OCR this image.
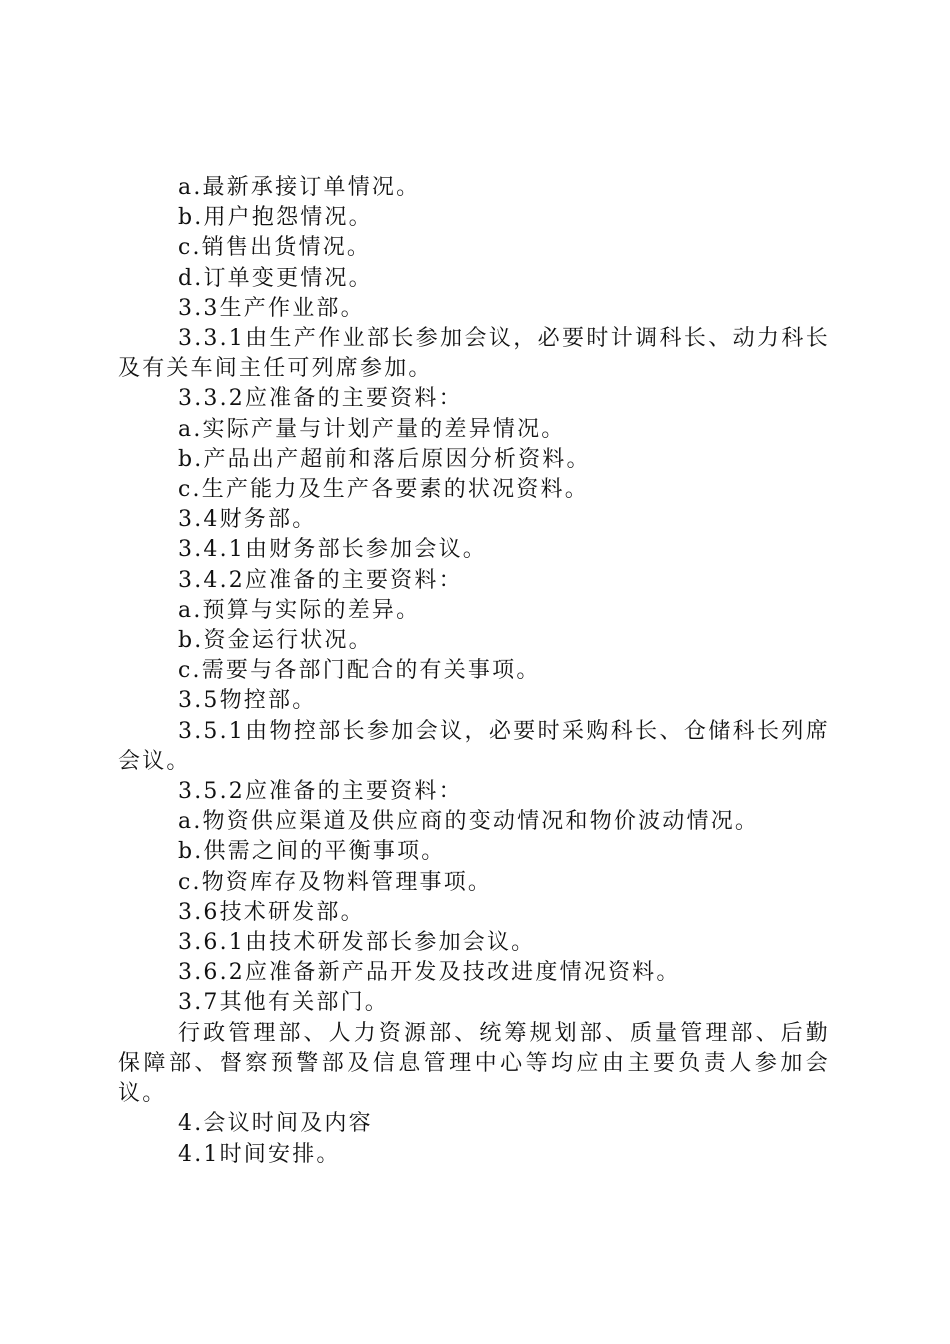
a.最新承接订单情况。

b.用户抱怨情况。

c.销售出货情况。

d.订单变更情况。

3.3生产作业部。

3.3.1由生产作业部长参加会议，必要时计调科长、动力科长及有关车间主任可列席参加。

3.3.2应准备的主要资料：

a.实际产量与计划产量的差异情况。

b.产品出产超前和落后原因分析资料。

c.生产能力及生产各要素的状况资料。

3.4财务部。

3.4.1由财务部长参加会议。

3.4.2应准备的主要资料：

a.预算与实际的差异。

b.资金运行状况。

c.需要与各部门配合的有关事项。

3.5物控部。

3.5.1由物控部长参加会议，必要时采购科长、仓储科长列席会议。

3.5.2应准备的主要资料：

a.物资供应渠道及供应商的变动情况和物价波动情况。

b.供需之间的平衡事项。

c.物资库存及物料管理事项。

3.6技术研发部。

3.6.1由技术研发部长参加会议。

3.6.2应准备新产品开发及技改进度情况资料。

3.7其他有关部门。

行政管理部、人力资源部、统筹规划部、质量管理部、后勤保障部、督察预警部及信息管理中心等均应由主要负责人参加会议。

4.会议时间及内容

4.1时间安排。
